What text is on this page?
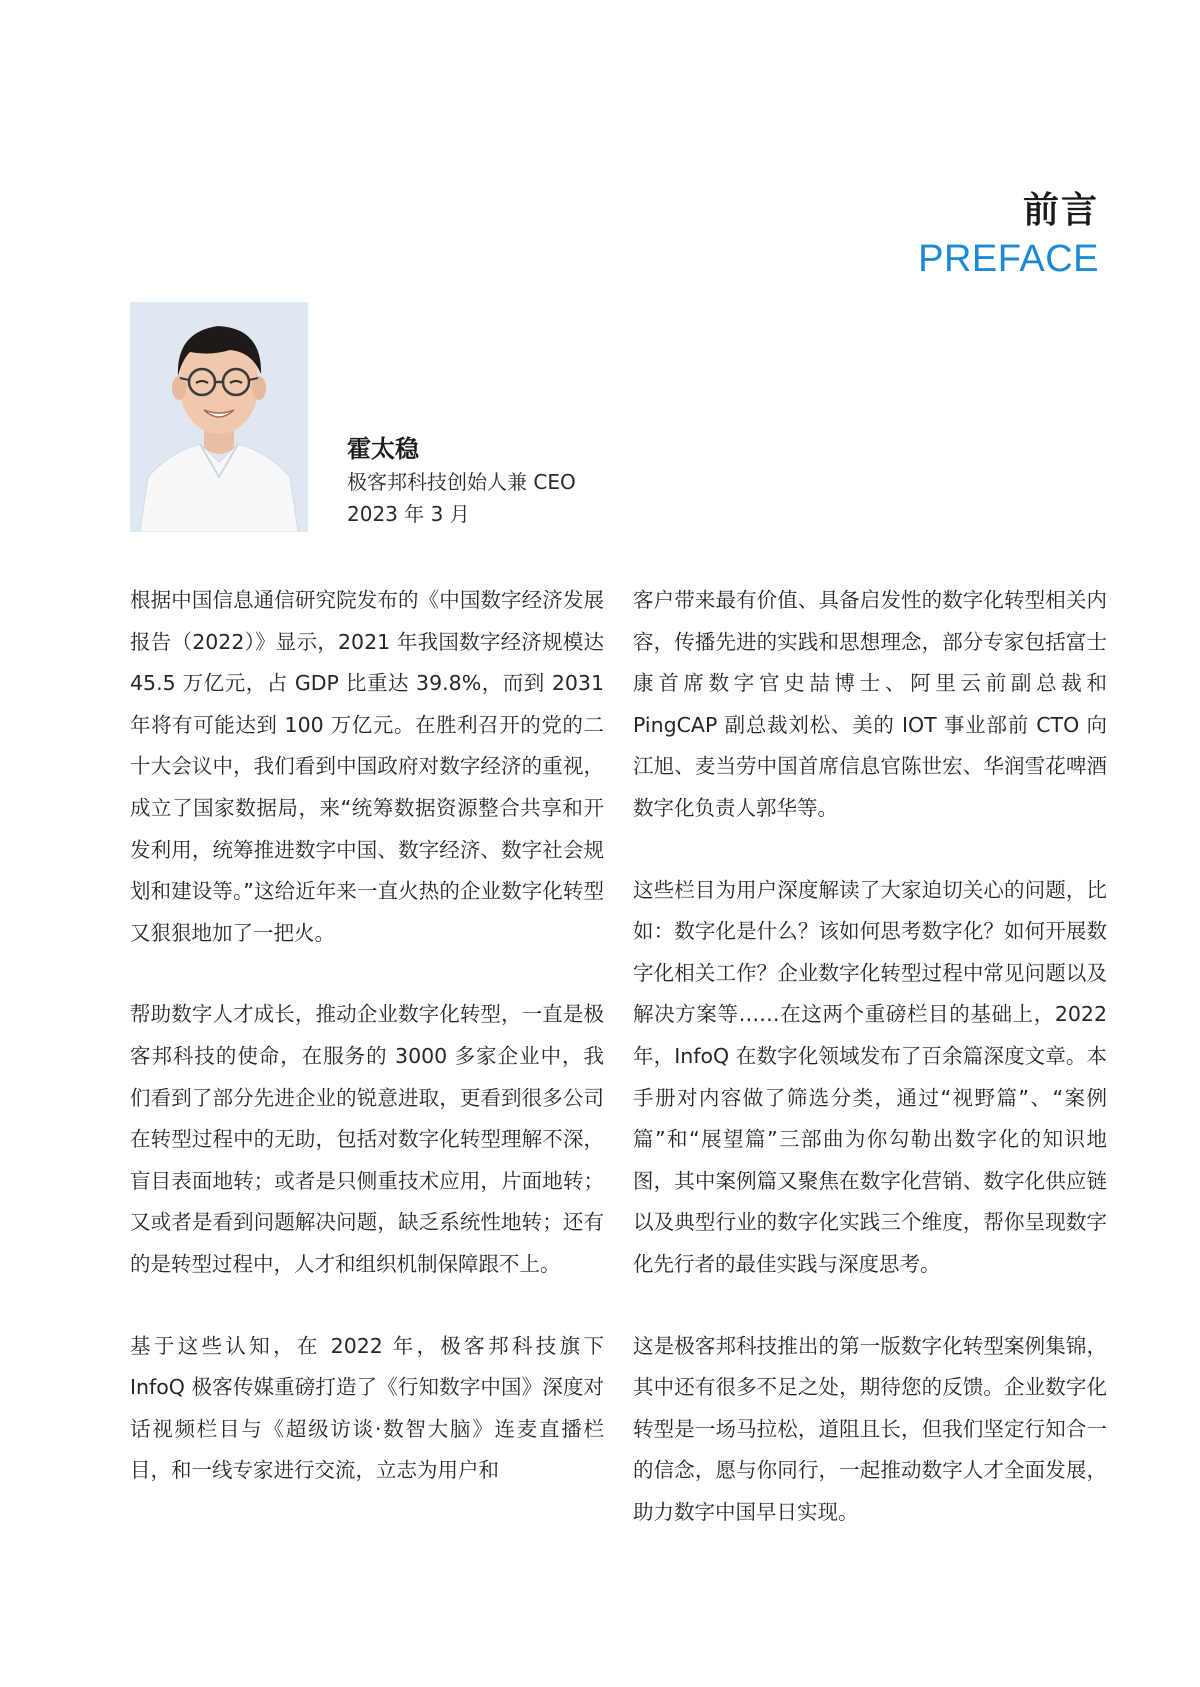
前言
PREFACE
霍太稳
极客邦科技创始人兼 CEO
2023 年 3 月

根据中国信息通信研究院发布的《中国数字经济发展报告（2022）》显示，2021 年我国数字经济规模达 45.5 万亿元，占 GDP 比重达 39.8%，而到 2031 年将有可能达到 100 万亿元。在胜利召开的党的二十大会议中，我们看到中国政府对数字经济的重视，成立了国家数据局，来“统筹数据资源整合共享和开发利用，统筹推进数字中国、数字经济、数字社会规划和建设等。”这给近年来一直火热的企业数字化转型又狠狠地加了一把火。

帮助数字人才成长，推动企业数字化转型，一直是极客邦科技的使命，在服务的 3000 多家企业中，我们看到了部分先进企业的锐意进取，更看到很多公司在转型过程中的无助，包括对数字化转型理解不深，盲目表面地转；或者是只侧重技术应用，片面地转；又或者是看到问题解决问题，缺乏系统性地转；还有的是转型过程中，人才和组织机制保障跟不上。

基于这些认知，在 2022 年，极客邦科技旗下 InfoQ 极客传媒重磅打造了《行知数字中国》深度对话视频栏目与《超级访谈·数智大脑》连麦直播栏目，和一线专家进行交流，立志为用户和

客户带来最有价值、具备启发性的数字化转型相关内容，传播先进的实践和思想理念，部分专家包括富士康首席数字官史喆博士、阿里云前副总裁和 PingCAP 副总裁刘松、美的 IOT 事业部前 CTO 向江旭、麦当劳中国首席信息官陈世宏、华润雪花啤酒数字化负责人郭华等。

这些栏目为用户深度解读了大家迫切关心的问题，比如：数字化是什么？该如何思考数字化？如何开展数字化相关工作？企业数字化转型过程中常见问题以及解决方案等……在这两个重磅栏目的基础上，2022 年，InfoQ 在数字化领域发布了百余篇深度文章。本手册对内容做了筛选分类，通过“视野篇”、“案例篇”和“展望篇”三部曲为你勾勒出数字化的知识地图，其中案例篇又聚焦在数字化营销、数字化供应链以及典型行业的数字化实践三个维度，帮你呈现数字化先行者的最佳实践与深度思考。

这是极客邦科技推出的第一版数字化转型案例集锦，其中还有很多不足之处，期待您的反馈。企业数字化转型是一场马拉松，道阻且长，但我们坚定行知合一的信念，愿与你同行，一起推动数字人才全面发展，助力数字中国早日实现。
